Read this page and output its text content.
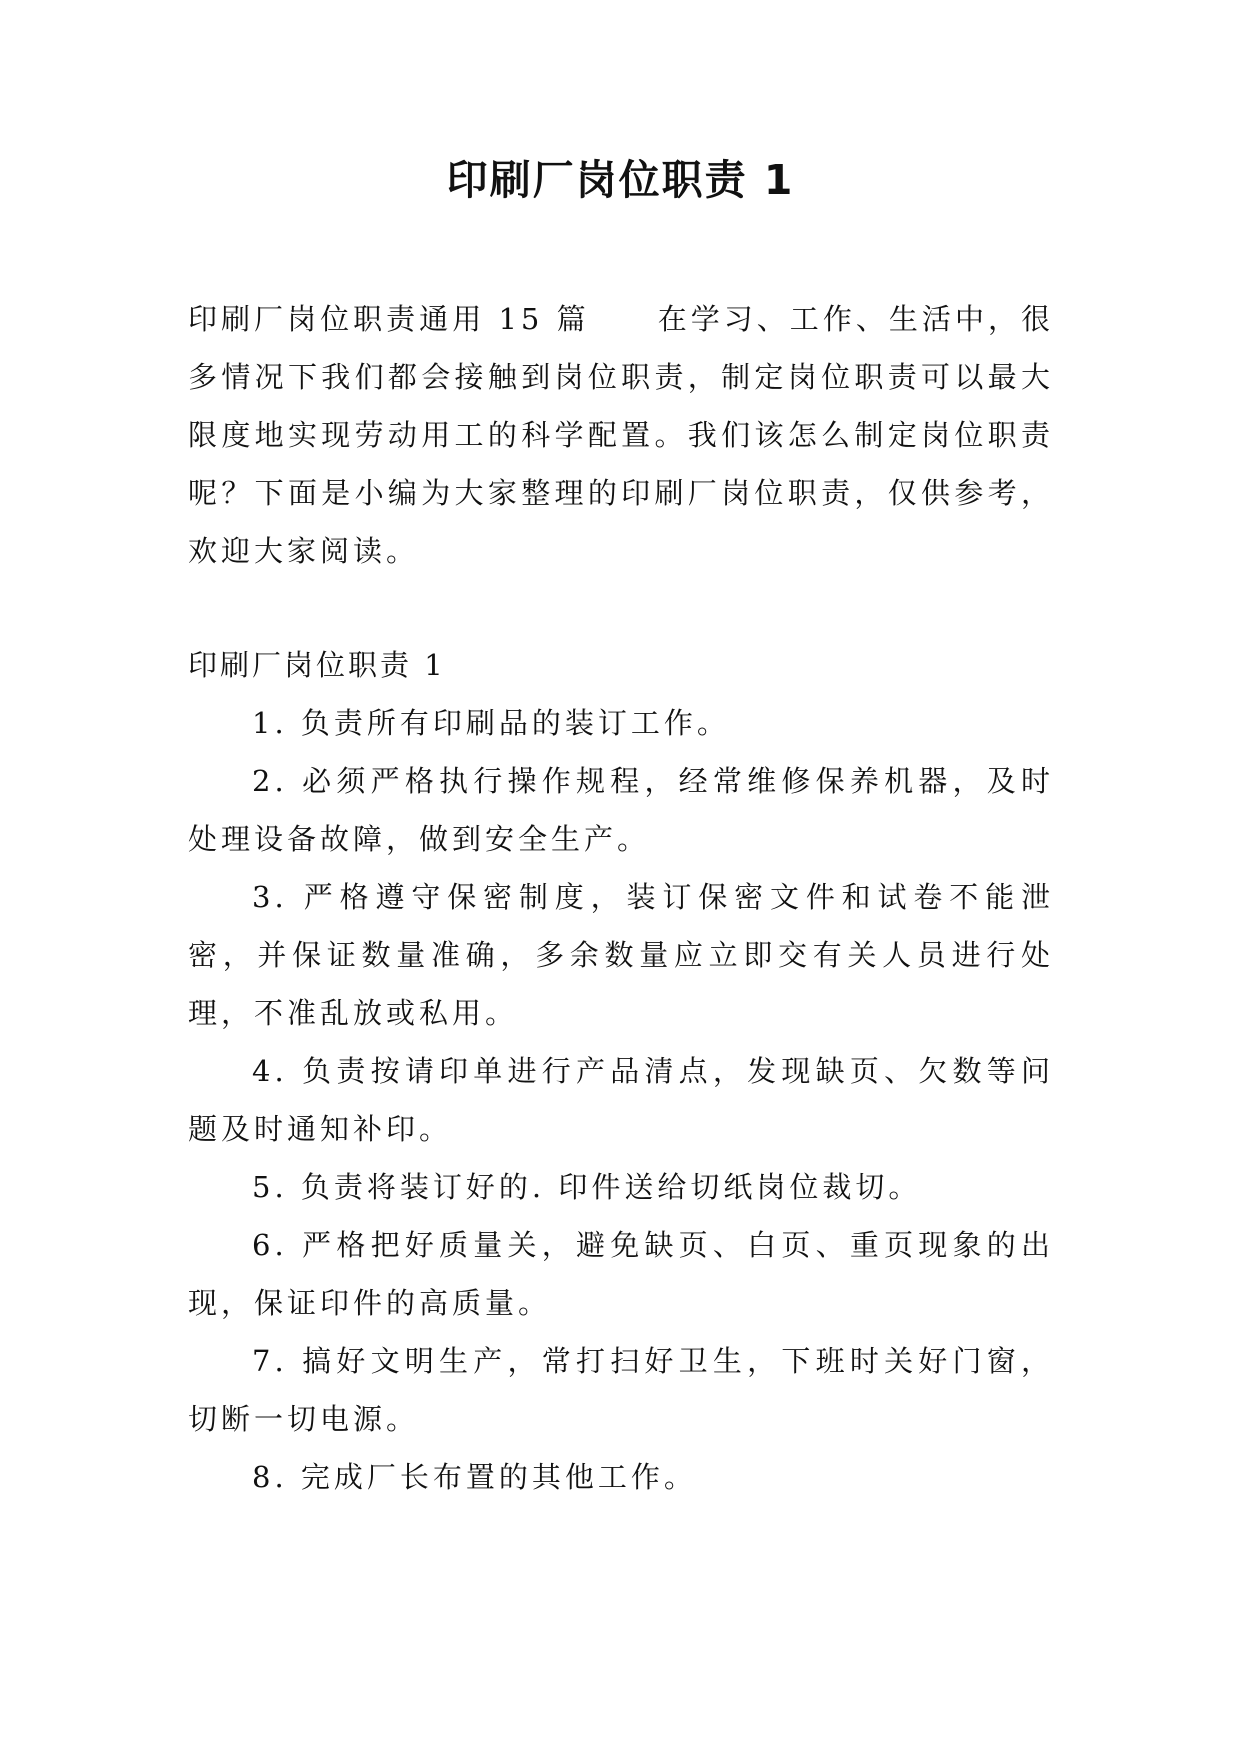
印刷厂岗位职责 1

印刷厂岗位职责通用 15 篇 在学习、工作、生活中，很多情况下我们都会接触到岗位职责，制定岗位职责可以最大限度地实现劳动用工的科学配置。我们该怎么制定岗位职责呢？下面是小编为大家整理的印刷厂岗位职责，仅供参考，欢迎大家阅读。

印刷厂岗位职责 1

1. 负责所有印刷品的装订工作。

2. 必须严格执行操作规程，经常维修保养机器，及时处理设备故障，做到安全生产。

3. 严格遵守保密制度，装订保密文件和试卷不能泄密，并保证数量准确，多余数量应立即交有关人员进行处理，不准乱放或私用。

4. 负责按请印单进行产品清点，发现缺页、欠数等问题及时通知补印。

5. 负责将装订好的. 印件送给切纸岗位裁切。

6. 严格把好质量关，避免缺页、白页、重页现象的出现，保证印件的高质量。

7. 搞好文明生产，常打扫好卫生，下班时关好门窗，切断一切电源。

8. 完成厂长布置的其他工作。
